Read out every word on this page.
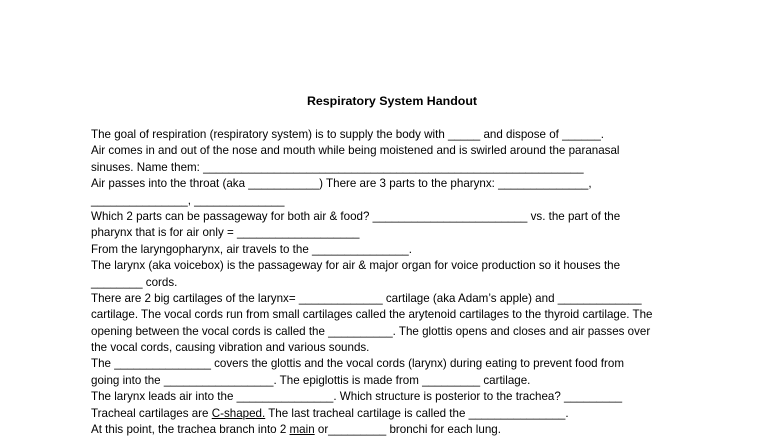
Respiratory System Handout
The goal of respiration (respiratory system) is to supply the body with _____ and dispose of ______.
Air comes in and out of the nose and mouth while being moistened and is swirled around the paranasal
sinuses. Name them: ___________________________________________________________
Air passes into the throat (aka ___________) There are 3 parts to the pharynx: ______________,
_______________, ______________
Which 2 parts can be passageway for both air & food? ________________________ vs. the part of the
pharynx that is for air only = ___________________
From the laryngopharynx, air travels to the _______________.
The larynx (aka voicebox) is the passageway for air & major organ for voice production so it houses the
________ cords.
There are 2 big cartilages of the larynx= _____________ cartilage (aka Adam’s apple) and _____________
cartilage. The vocal cords run from small cartilages called the arytenoid cartilages to the thyroid cartilage. The
opening between the vocal cords is called the __________. The glottis opens and closes and air passes over
the vocal cords, causing vibration and various sounds.
The _______________ covers the glottis and the vocal cords (larynx) during eating to prevent food from
going into the _________________. The epiglottis is made from _________ cartilage.
The larynx leads air into the _______________. Which structure is posterior to the trachea? _________
Tracheal cartilages are C-shaped. The last tracheal cartilage is called the _______________.
At this point, the trachea branch into 2 main or_________ bronchi for each lung.
